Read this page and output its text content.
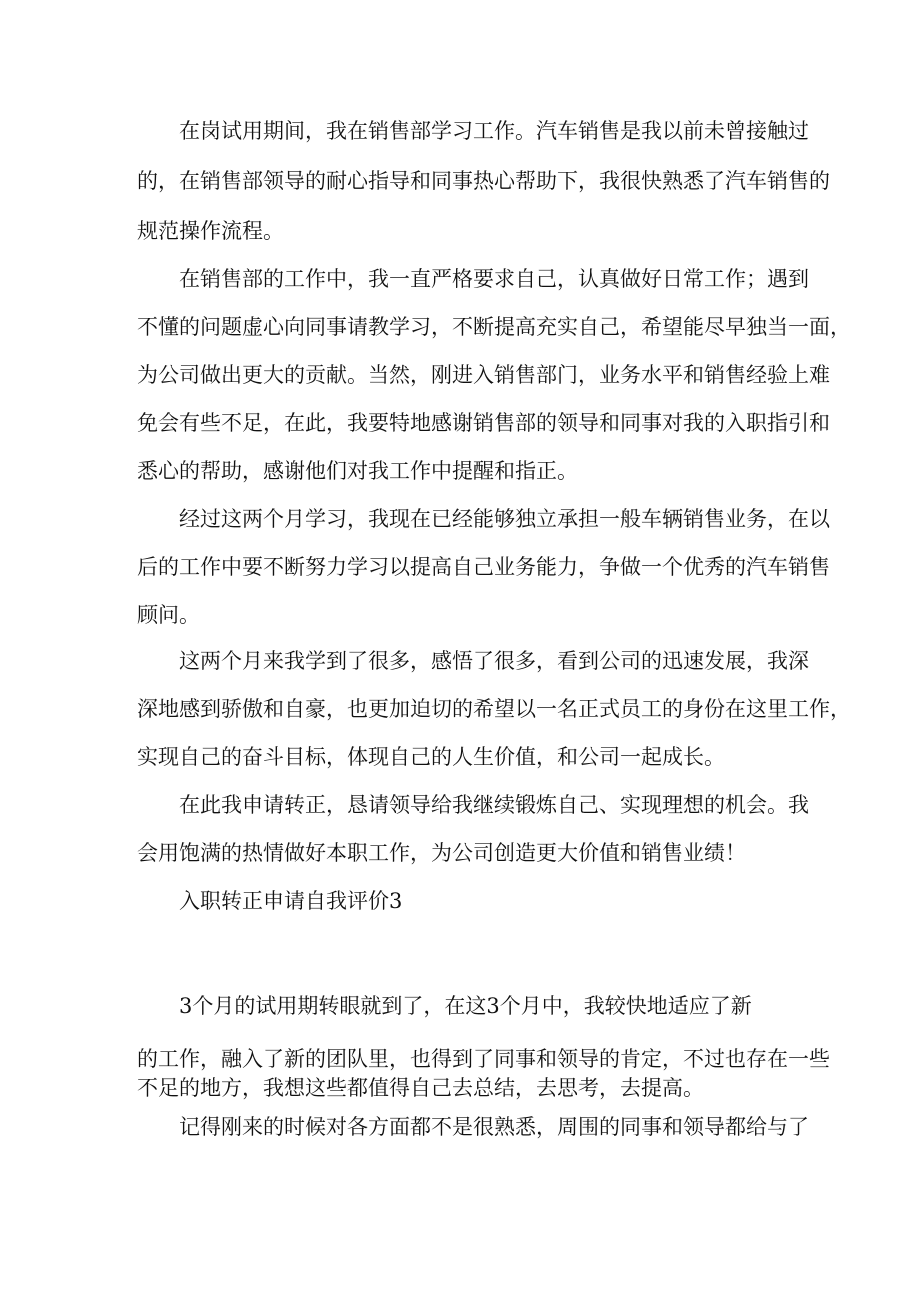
在岗试用期间，我在销售部学习工作。汽车销售是我以前未曾接触过
的，在销售部领导的耐心指导和同事热心帮助下，我很快熟悉了汽车销售的
规范操作流程。
在销售部的工作中，我一直严格要求自己，认真做好日常工作；遇到
不懂的问题虚心向同事请教学习，不断提高充实自己，希望能尽早独当一面，
为公司做出更大的贡献。当然，刚进入销售部门，业务水平和销售经验上难
免会有些不足，在此，我要特地感谢销售部的领导和同事对我的入职指引和
悉心的帮助，感谢他们对我工作中提醒和指正。
经过这两个月学习，我现在已经能够独立承担一般车辆销售业务，在以
后的工作中要不断努力学习以提高自己业务能力，争做一个优秀的汽车销售
顾问。
这两个月来我学到了很多，感悟了很多，看到公司的迅速发展，我深
深地感到骄傲和自豪，也更加迫切的希望以一名正式员工的身份在这里工作，
实现自己的奋斗目标，体现自己的人生价值，和公司一起成长。
在此我申请转正，恳请领导给我继续锻炼自己、实现理想的机会。我
会用饱满的热情做好本职工作，为公司创造更大价值和销售业绩！
入职转正申请自我评价3
3个月的试用期转眼就到了，在这3个月中，我较快地适应了新
的工作，融入了新的团队里，也得到了同事和领导的肯定，不过也存在一些
不足的地方，我想这些都值得自己去总结，去思考，去提高。
记得刚来的时候对各方面都不是很熟悉，周围的同事和领导都给与了
